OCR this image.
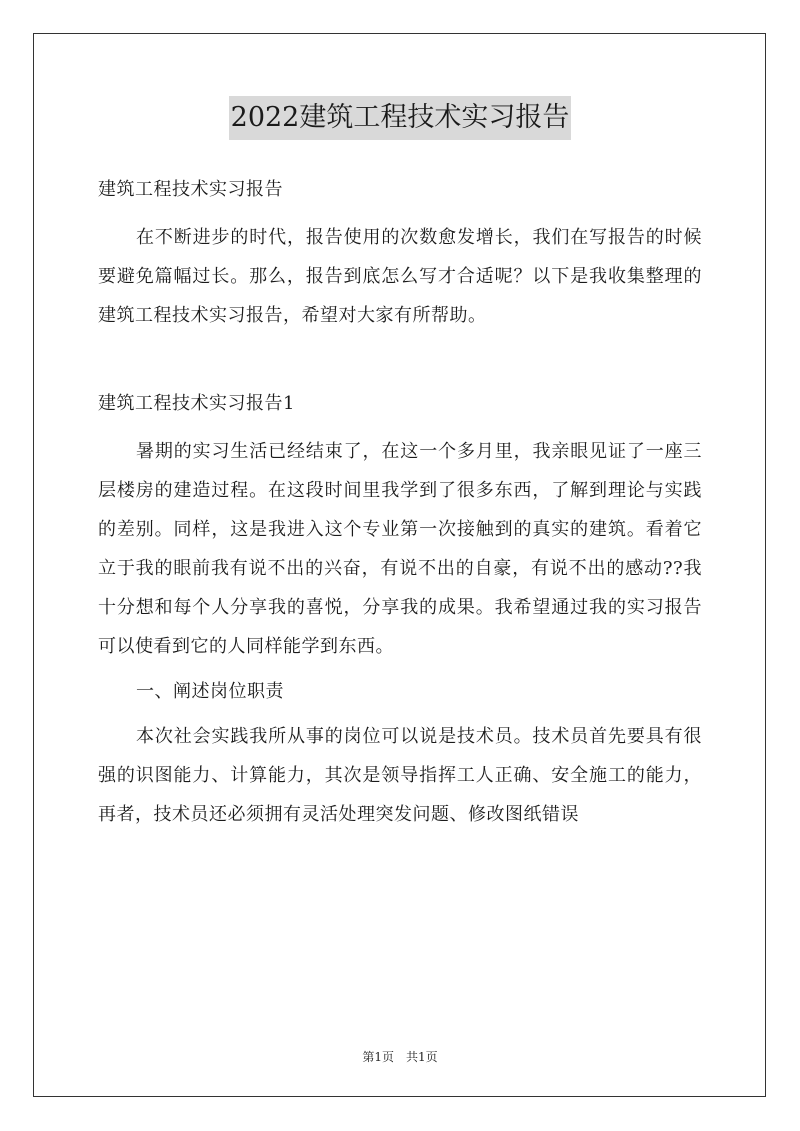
2022建筑工程技术实习报告

建筑工程技术实习报告

在不断进步的时代，报告使用的次数愈发增长，我们在写报告的时候要避免篇幅过长。那么，报告到底怎么写才合适呢？以下是我收集整理的建筑工程技术实习报告，希望对大家有所帮助。

建筑工程技术实习报告1

暑期的实习生活已经结束了，在这一个多月里，我亲眼见证了一座三层楼房的建造过程。在这段时间里我学到了很多东西，了解到理论与实践的差别。同样，这是我进入这个专业第一次接触到的真实的建筑。看着它立于我的眼前我有说不出的兴奋，有说不出的自豪，有说不出的感动??我十分想和每个人分享我的喜悦，分享我的成果。我希望通过我的实习报告可以使看到它的人同样能学到东西。

一、阐述岗位职责

本次社会实践我所从事的岗位可以说是技术员。技术员首先要具有很强的识图能力、计算能力，其次是领导指挥工人正确、安全施工的能力，再者，技术员还必须拥有灵活处理突发问题、修改图纸错误

第1页　共1页
